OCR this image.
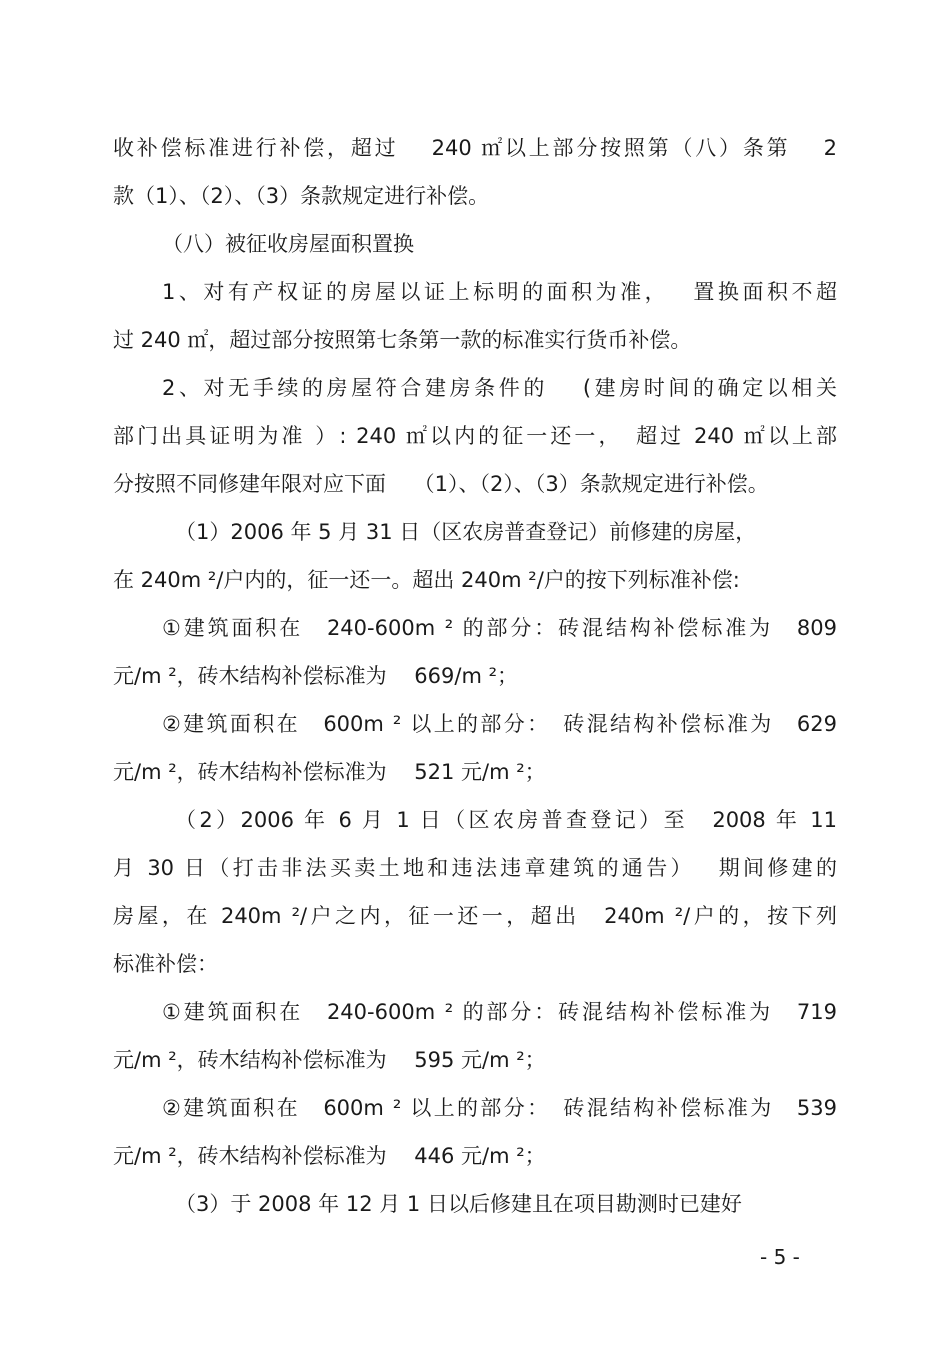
收补偿标准进行补偿，超过　 240 ㎡以上部分按照第（八）条第　 2
款（1）、（2）、（3）条款规定进行补偿。
（八）被征收房屋面积置换
1、对有产权证的房屋以证上标明的面积为准，　 置换面积不超
过 240 ㎡，超过部分按照第七条第一款的标准实行货币补偿。
2、对无手续的房屋符合建房条件的　 (建房时间的确定以相关
部门出具证明为准 ）: 240 ㎡以内的征一还一，　超过 240 ㎡以上部
分按照不同修建年限对应下面　 （1）、（2）、（3）条款规定进行补偿。
（1）2006 年 5 月 31 日（区农房普查登记）前修建的房屋，
在 240m ²/户内的，征一还一。超出 240m ²/户的按下列标准补偿:
①建筑面积在　240-600m ² 的部分：砖混结构补偿标准为　809
元/m ²，砖木结构补偿标准为　 669/m ²；
②建筑面积在　600m ² 以上的部分：　砖混结构补偿标准为　629
元/m ²，砖木结构补偿标准为　 521 元/m ²；
（2）2006 年 6 月 1 日（区农房普查登记）至　2008 年 11
月 30 日（打击非法买卖土地和违法违章建筑的通告）　 期间修建的
房屋，在 240m ²/户之内，征一还一，超出　240m ²/户的，按下列
标准补偿：
①建筑面积在　240-600m ² 的部分：砖混结构补偿标准为　719
元/m ²，砖木结构补偿标准为　 595 元/m ²；
②建筑面积在　600m ² 以上的部分：　砖混结构补偿标准为　539
元/m ²，砖木结构补偿标准为　 446 元/m ²；
（3）于 2008 年 12 月 1 日以后修建且在项目勘测时已建好
- 5 -
